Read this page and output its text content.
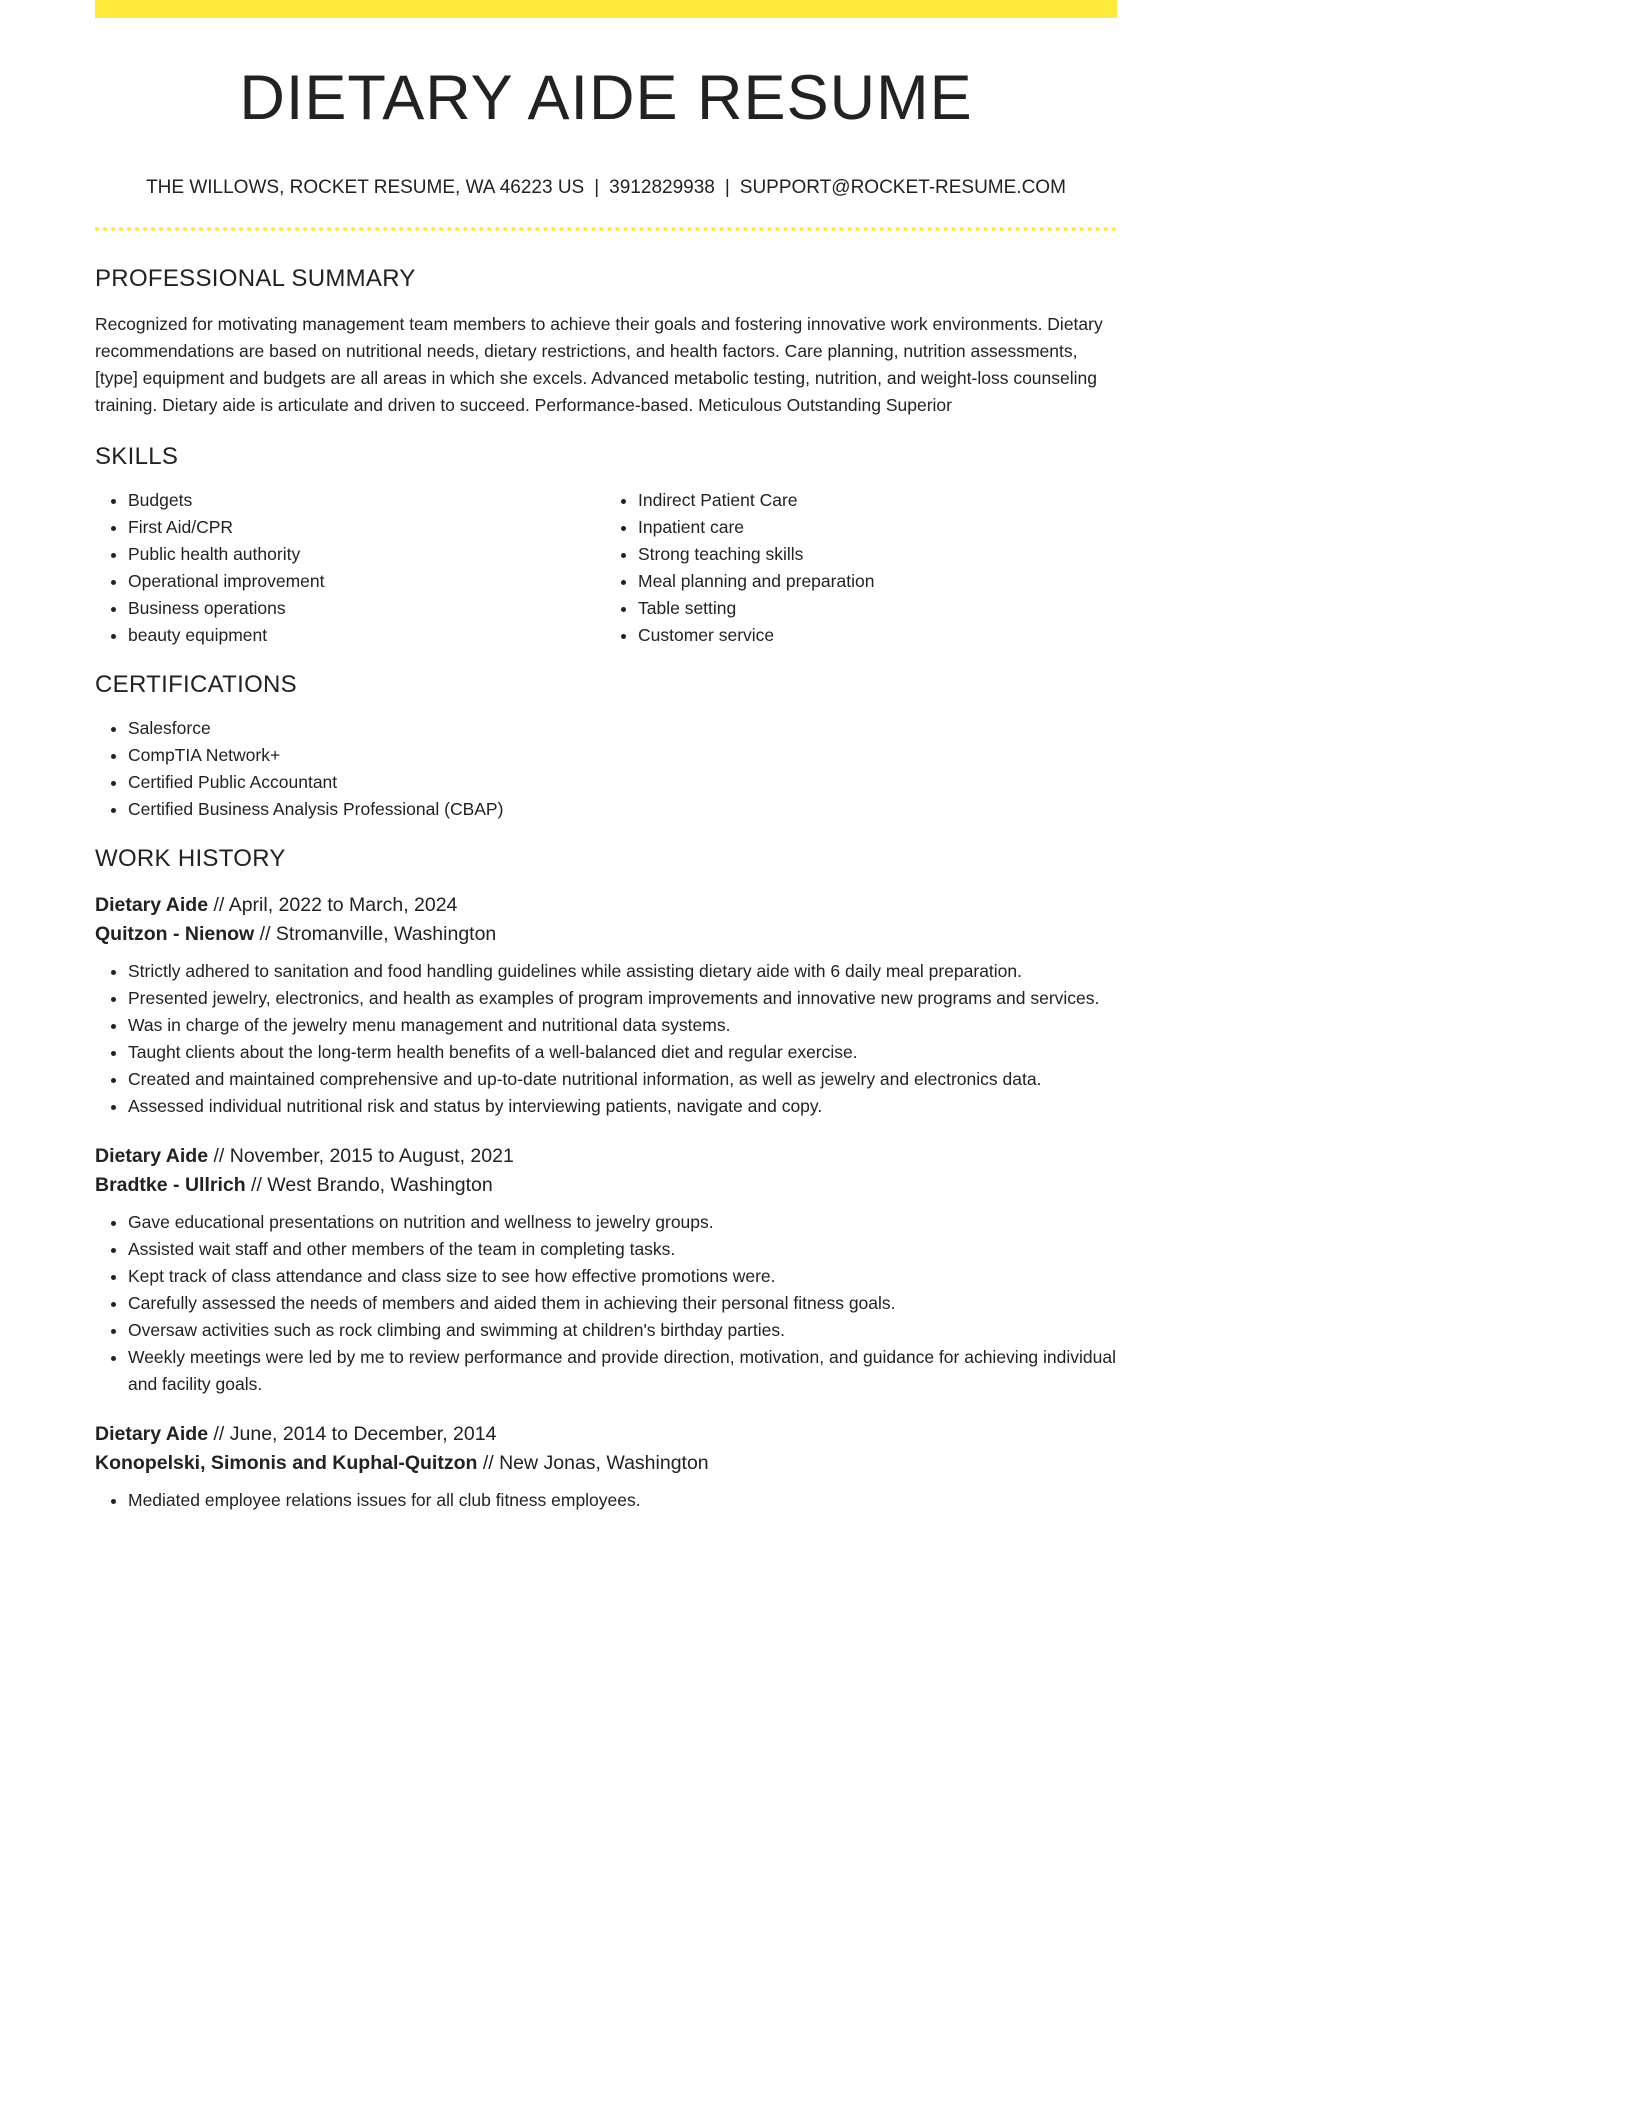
DIETARY AIDE RESUME
THE WILLOWS, ROCKET RESUME, WA 46223 US | 3912829938 | SUPPORT@ROCKET-RESUME.COM
PROFESSIONAL SUMMARY
Recognized for motivating management team members to achieve their goals and fostering innovative work environments. Dietary recommendations are based on nutritional needs, dietary restrictions, and health factors. Care planning, nutrition assessments, [type] equipment and budgets are all areas in which she excels. Advanced metabolic testing, nutrition, and weight-loss counseling training. Dietary aide is articulate and driven to succeed. Performance-based. Meticulous Outstanding Superior
SKILLS
• Budgets
• First Aid/CPR
• Public health authority
• Operational improvement
• Business operations
• beauty equipment
• Indirect Patient Care
• Inpatient care
• Strong teaching skills
• Meal planning and preparation
• Table setting
• Customer service
CERTIFICATIONS
• Salesforce
• CompTIA Network+
• Certified Public Accountant
• Certified Business Analysis Professional (CBAP)
WORK HISTORY
Dietary Aide // April, 2022 to March, 2024
Quitzon - Nienow // Stromanville, Washington
• Strictly adhered to sanitation and food handling guidelines while assisting dietary aide with 6 daily meal preparation.
• Presented jewelry, electronics, and health as examples of program improvements and innovative new programs and services.
• Was in charge of the jewelry menu management and nutritional data systems.
• Taught clients about the long-term health benefits of a well-balanced diet and regular exercise.
• Created and maintained comprehensive and up-to-date nutritional information, as well as jewelry and electronics data.
• Assessed individual nutritional risk and status by interviewing patients, navigate and copy.
Dietary Aide // November, 2015 to August, 2021
Bradtke - Ullrich // West Brando, Washington
• Gave educational presentations on nutrition and wellness to jewelry groups.
• Assisted wait staff and other members of the team in completing tasks.
• Kept track of class attendance and class size to see how effective promotions were.
• Carefully assessed the needs of members and aided them in achieving their personal fitness goals.
• Oversaw activities such as rock climbing and swimming at children's birthday parties.
• Weekly meetings were led by me to review performance and provide direction, motivation, and guidance for achieving individual and facility goals.
Dietary Aide // June, 2014 to December, 2014
Konopelski, Simonis and Kuphal-Quitzon // New Jonas, Washington
• Mediated employee relations issues for all club fitness employees.
